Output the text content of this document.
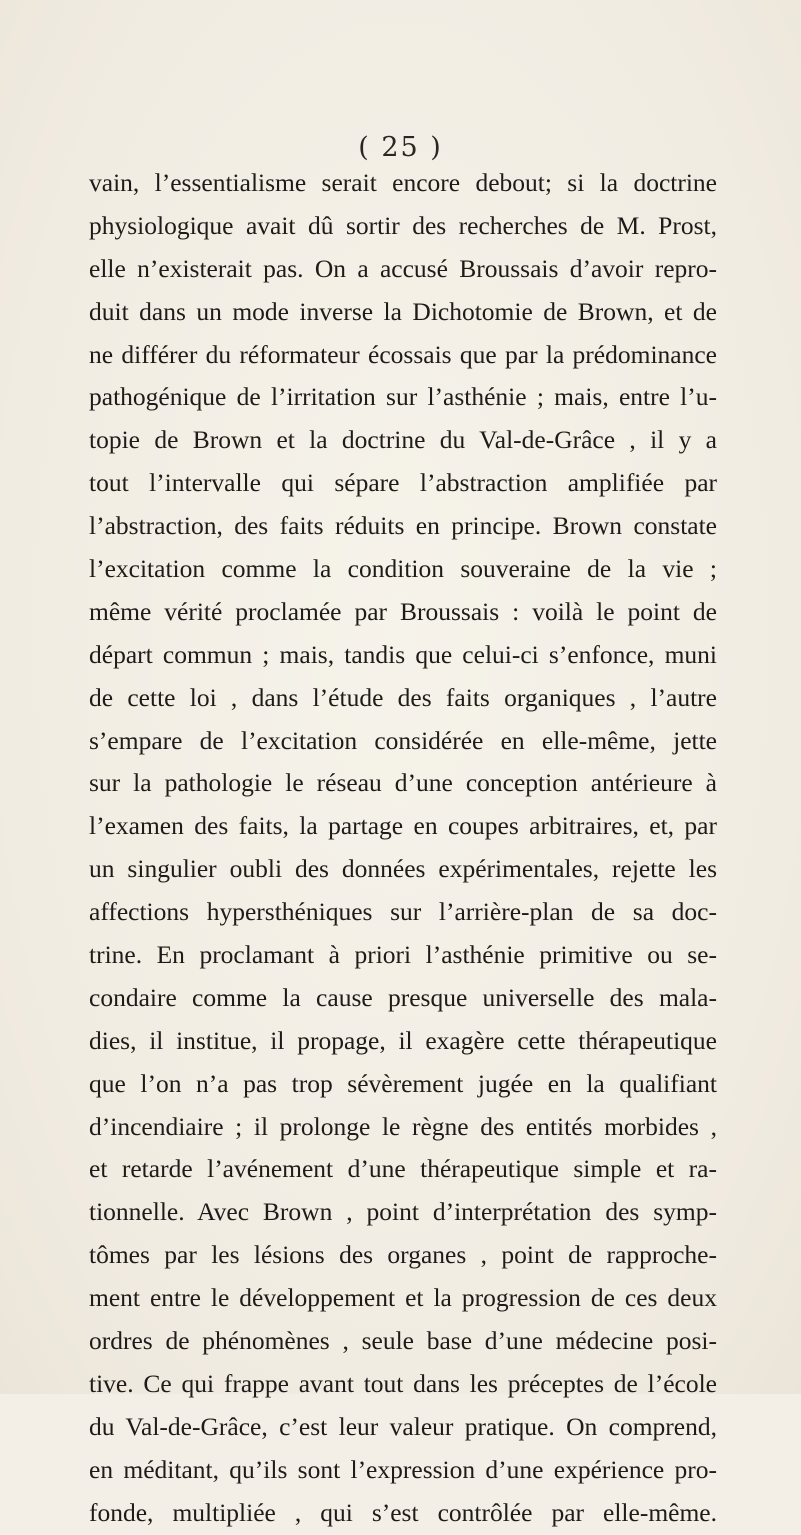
( 25 )
vain, l’essentialisme serait encore debout; si la doctrine
physiologique avait dû sortir des recherches de M. Prost,
elle n’existerait pas. On a accusé Broussais d’avoir repro-
duit dans un mode inverse la Dichotomie de Brown, et de
ne différer du réformateur écossais que par la prédominance
pathogénique de l’irritation sur l’asthénie ; mais, entre l’u-
topie de Brown et la doctrine du Val-de-Grâce , il y a
tout l’intervalle qui sépare l’abstraction amplifiée par
l’abstraction, des faits réduits en principe. Brown constate
l’excitation comme la condition souveraine de la vie ;
même vérité proclamée par Broussais : voilà le point de
départ commun ; mais, tandis que celui-ci s’enfonce, muni
de cette loi , dans l’étude des faits organiques , l’autre
s’empare de l’excitation considérée en elle-même, jette
sur la pathologie le réseau d’une conception antérieure à
l’examen des faits, la partage en coupes arbitraires, et, par
un singulier oubli des données expérimentales, rejette les
affections hypersthéniques sur l’arrière-plan de sa doc-
trine. En proclamant à priori l’asthénie primitive ou se-
condaire comme la cause presque universelle des mala-
dies, il institue, il propage, il exagère cette thérapeutique
que l’on n’a pas trop sévèrement jugée en la qualifiant
d’incendiaire ; il prolonge le règne des entités morbides ,
et retarde l’avénement d’une thérapeutique simple et ra-
tionnelle. Avec Brown , point d’interprétation des symp-
tômes par les lésions des organes , point de rapproche-
ment entre le développement et la progression de ces deux
ordres de phénomènes , seule base d’une médecine posi-
tive. Ce qui frappe avant tout dans les préceptes de l’école
du Val-de-Grâce, c’est leur valeur pratique. On comprend,
en méditant, qu’ils sont l’expression d’une expérience pro-
fonde, multipliée , qui s’est contrôlée par elle-même.
